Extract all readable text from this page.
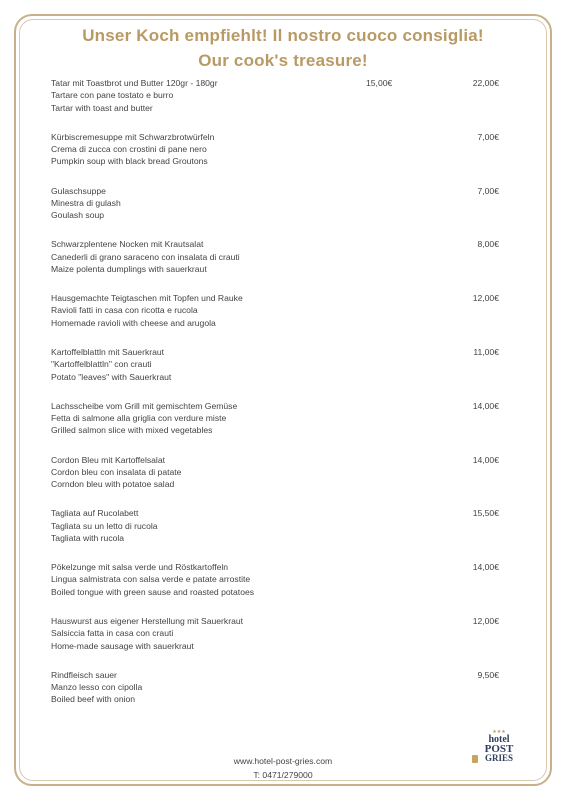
Unser Koch empfiehlt! Il nostro cuoco consiglia!
Our cook's treasure!
Tatar mit Toastbrot und Butter 120gr - 180gr
Tartare con pane tostato e burro
Tartar with toast and butter
15,00€	22,00€
Kürbiscremesuppe mit Schwarzbrotwürfeln
Crema di zucca con crostini di pane nero
Pumpkin soup with black bread Groutons
7,00€
Gulaschsuppe
Minestra di gulash
Goulash soup
7,00€
Schwarzplentene Nocken mit Krautsalat
Canederli di grano saraceno con insalata di crauti
Maize polenta dumplings with sauerkraut
8,00€
Hausgemachte Teigtaschen mit Topfen und Rauke
Ravioli fatti in casa con ricotta e rucola
Homemade ravioli with cheese and arugola
12,00€
Kartoffelblattln mit Sauerkraut
"Kartoffelblattln" con crauti
Potato "leaves" with Sauerkraut
11,00€
Lachsscheibe vom Grill mit gemischtem Gemüse
Fetta di salmone alla griglia con verdure miste
Grilled salmon slice with mixed vegetables
14,00€
Cordon Bleu mit Kartoffelsalat
Cordon bleu con insalata di patate
Corndon bleu with potatoe salad
14,00€
Tagliata auf Rucolabett
Tagliata su un letto di rucola
Tagliata with rucola
15,50€
Pökelzunge mit salsa verde und Röstkartoffeln
Lingua salmistrata con salsa verde e patate arrostite
Boiled tongue with green sause and roasted potatoes
14,00€
Hauswurst aus eigener Herstellung mit Sauerkraut
Salsiccia fatta in casa con crauti
Home-made sausage with sauerkraut
12,00€
Rindfleisch sauer
Manzo lesso con cipolla
Boiled beef with onion
9,50€
www.hotel-post-gries.com
T: 0471/279000
★★★
hotel
POST
GRIES
